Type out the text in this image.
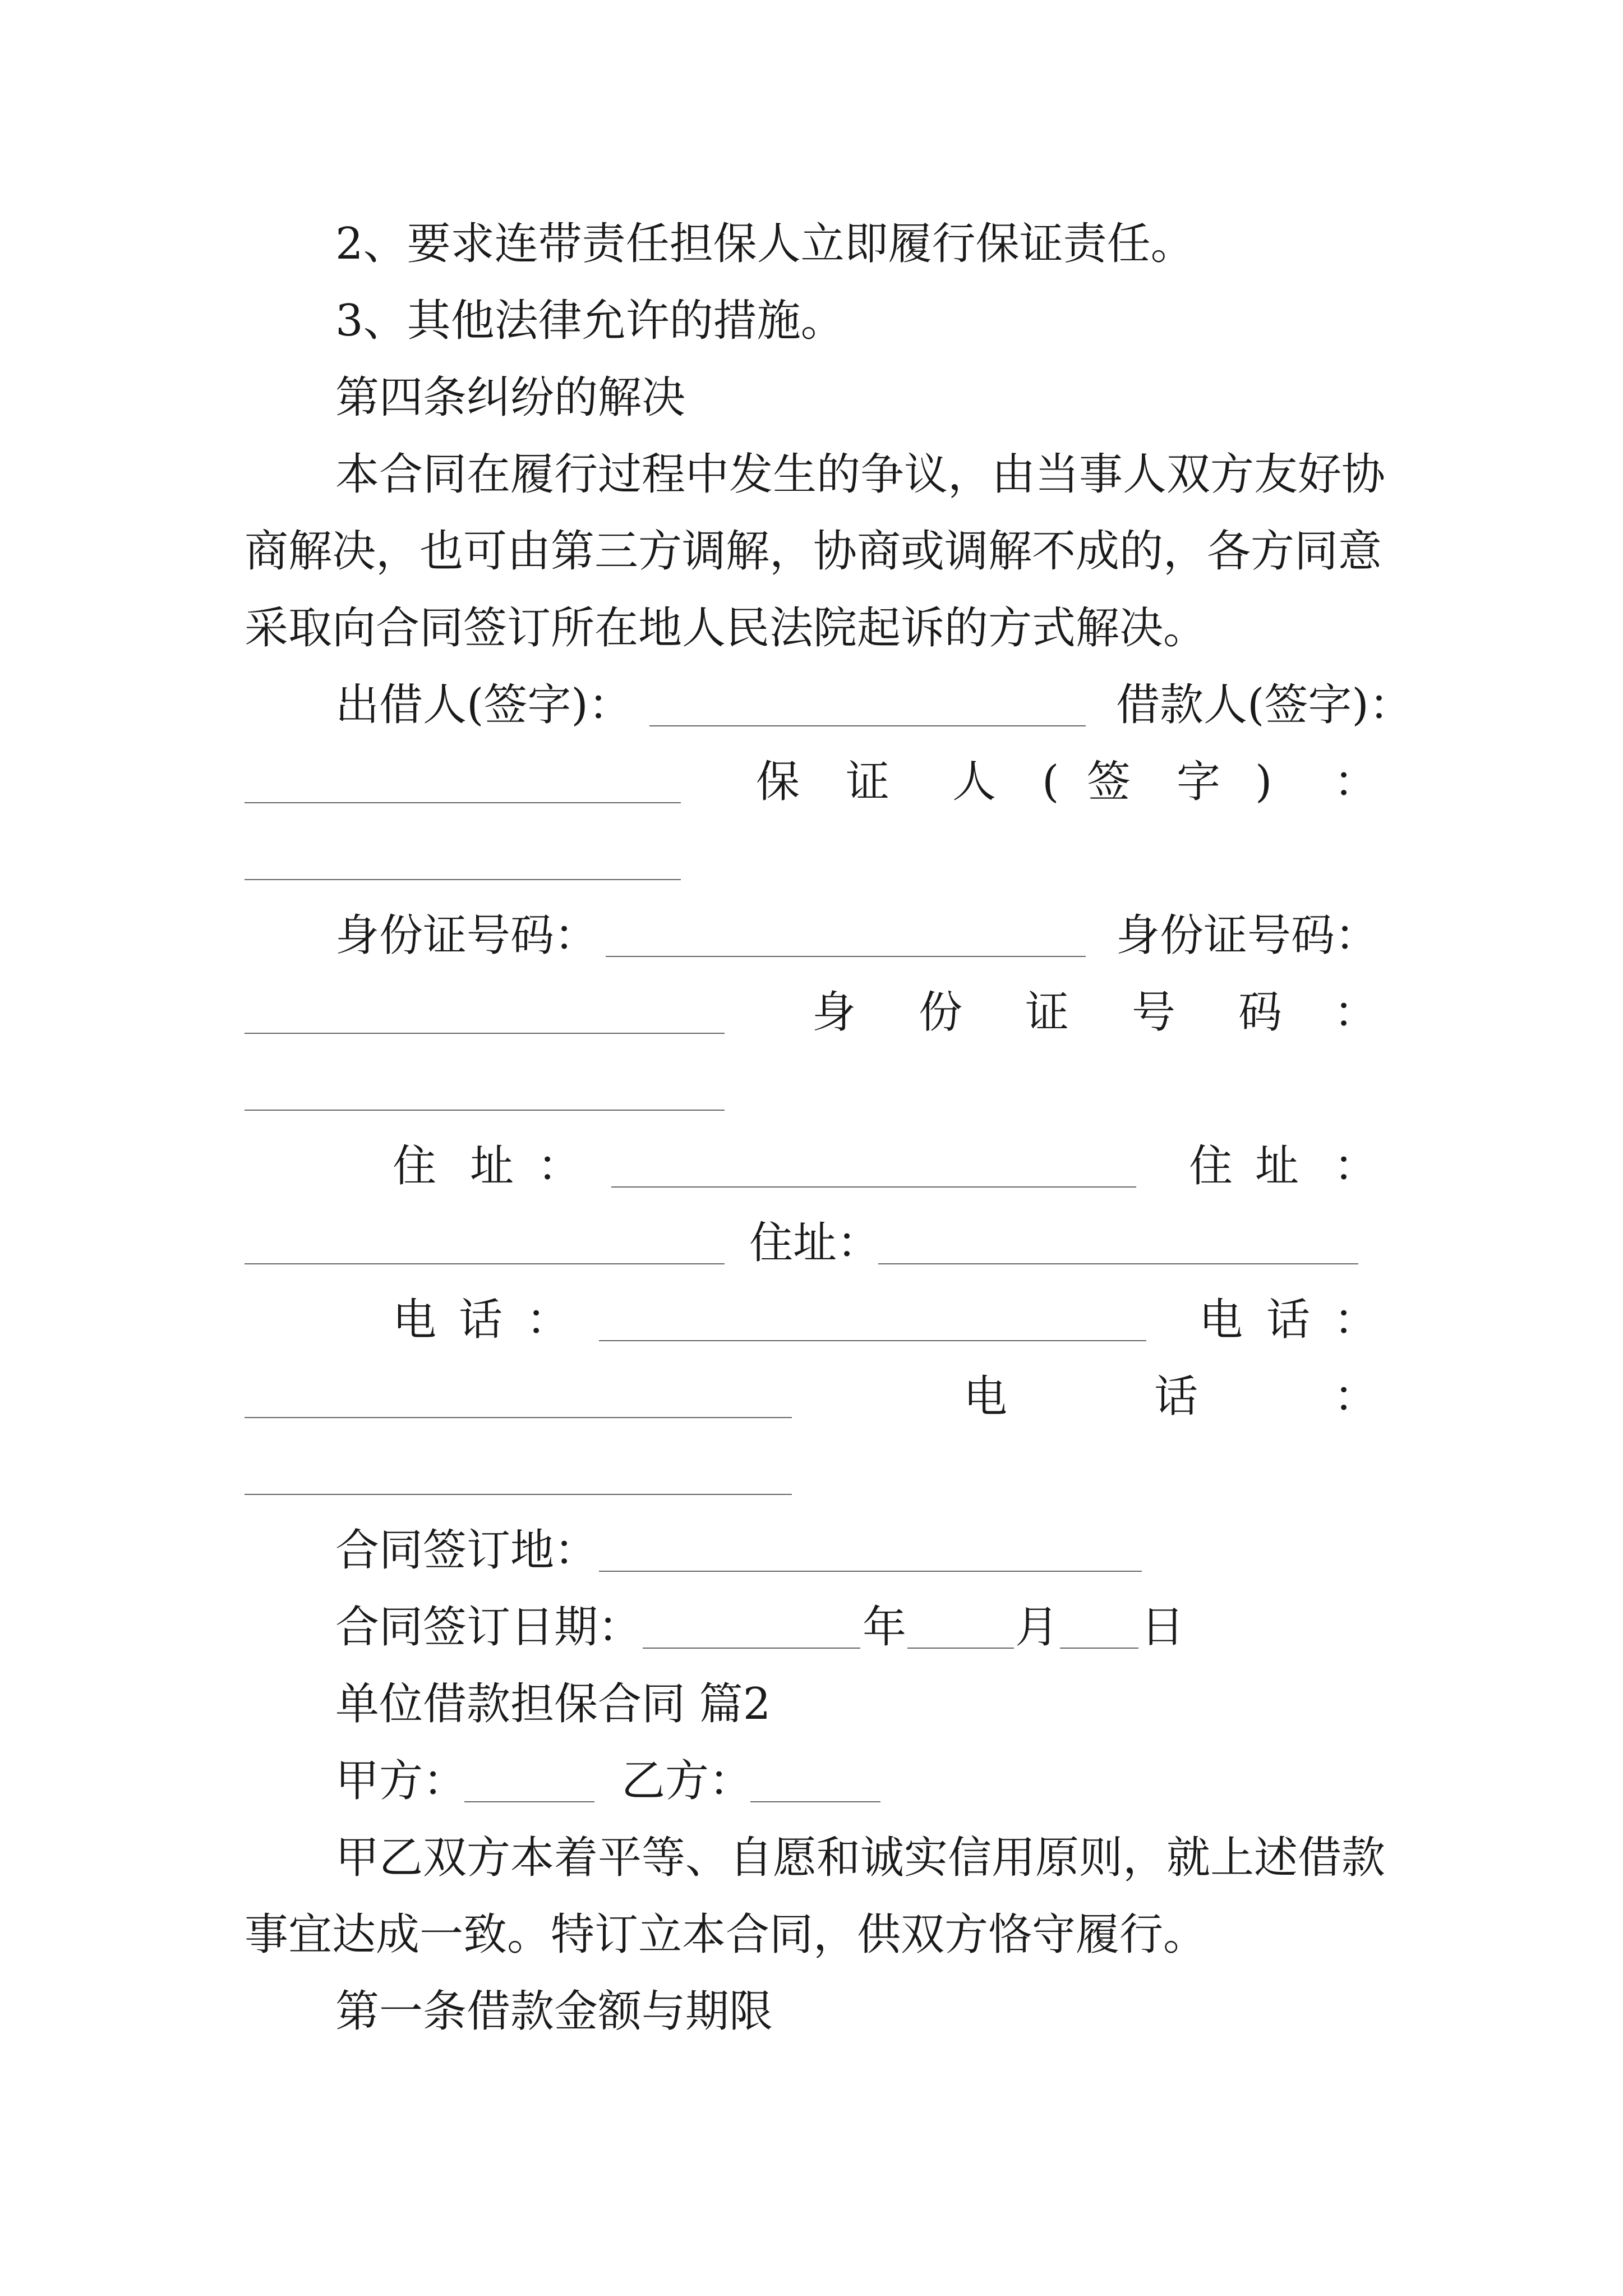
2、要求连带责任担保人立即履行保证责任。
3、其他法律允许的措施。
第四条纠纷的解决
本合同在履行过程中发生的争议，由当事人双方友好协
商解决，也可由第三方调解，协商或调解不成的，各方同意
采取向合同签订所在地人民法院起诉的方式解决。
出借人(签字)：	借款人(签字)：
保 证 人 ( 签 字 ) ：
身份证号码：	身份证号码：
身 份 证 号 码 ：
住 址 ：	住 址 ：
住址：
电 话 ：	电 话 ：
电	话	：
合同签订地：
合同签订日期：	年 月 日
单位借款担保合同 篇2
甲方：	乙方：
甲乙双方本着平等、自愿和诚实信用原则，就上述借款
事宜达成一致。特订立本合同，供双方恪守履行。
第一条借款金额与期限
